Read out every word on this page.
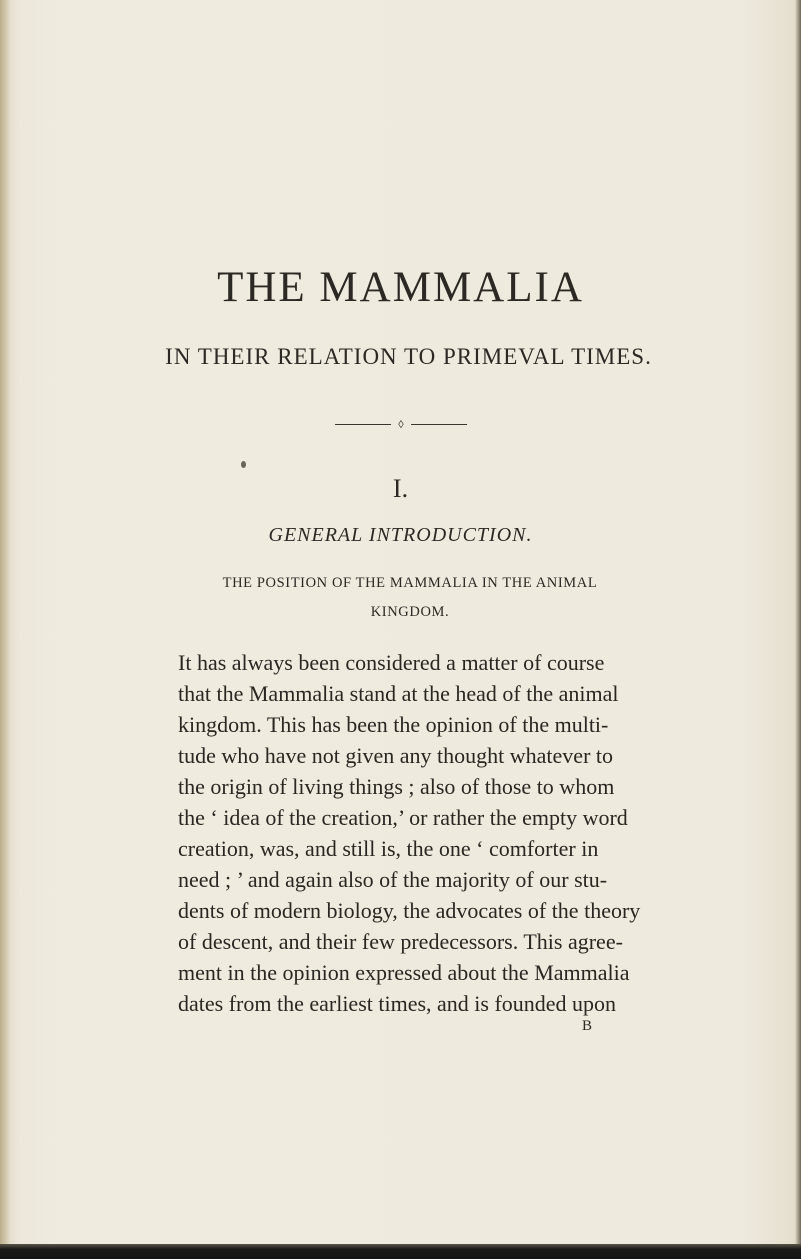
THE MAMMALIA
IN THEIR RELATION TO PRIMEVAL TIMES.
◊
I.
GENERAL INTRODUCTION.
THE POSITION OF THE MAMMALIA IN THE ANIMAL
KINGDOM.
It has always been considered a matter of course
that the Mammalia stand at the head of the animal
kingdom. This has been the opinion of the multi-
tude who have not given any thought whatever to
the origin of living things ; also of those to whom
the ‘ idea of the creation,’ or rather the empty word
creation, was, and still is, the one ‘ comforter in
need ; ’ and again also of the majority of our stu-
dents of modern biology, the advocates of the theory
of descent, and their few predecessors. This agree-
ment in the opinion expressed about the Mammalia
dates from the earliest times, and is founded upon
B
